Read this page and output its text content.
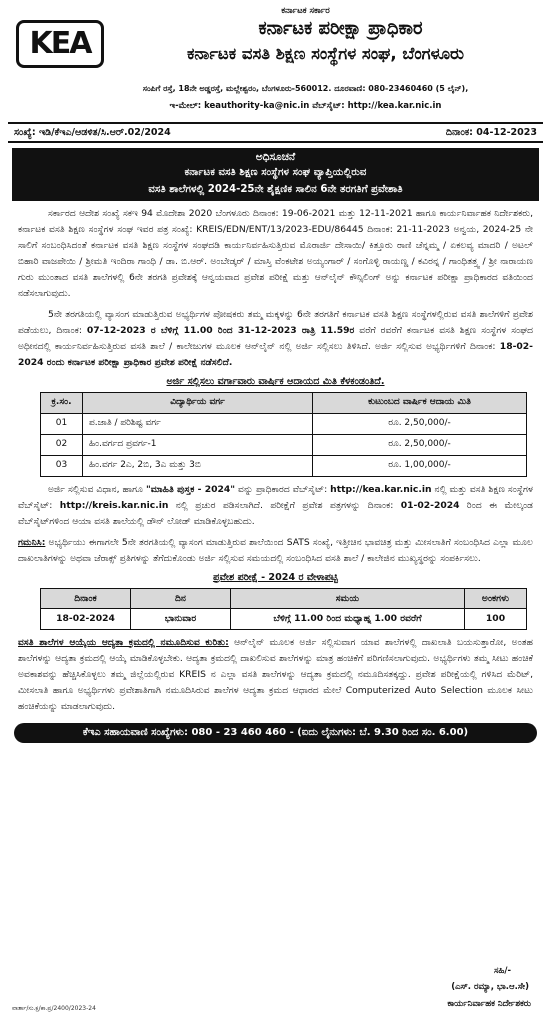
KEA
ಕರ್ನಾಟಕ ಸರ್ಕಾರ
ಕರ್ನಾಟಕ ಪರೀಕ್ಷಾ ಪ್ರಾಧಿಕಾರ
ಕರ್ನಾಟಕ ವಸತಿ ಶಿಕ್ಷಣ ಸಂಸ್ಥೆಗಳ ಸಂಘ, ಬೆಂಗಳೂರು
ಸಂಪಿಗೆ ರಸ್ತೆ, 18ನೇ ಅಡ್ಡರಸ್ತೆ, ಮಲ್ಲೇಶ್ವರಂ, ಬೆಂಗಳೂರು-560012. ದೂರವಾಣಿ: 080-23460460 (5 ಲೈನ್),
ಇ-ಮೇಲ್: keauthority-ka@nic.in ವೆಬ್‌ಸೈಟ್: http://kea.kar.nic.in
ಸಂಖ್ಯೆ: ಇಡಿ/ಕೆಇಎ/ಆಡಳಿತ/ಸಿ.ಆರ್.02/2024	ದಿನಾಂಕ: 04-12-2023
ಅಧಿಸೂಚನೆ
ಕರ್ನಾಟಕ ವಸತಿ ಶಿಕ್ಷಣ ಸಂಸ್ಥೆಗಳ ಸಂಘ ವ್ಯಾಪ್ತಿಯಲ್ಲಿರುವ
ವಸತಿ ಶಾಲೆಗಳಲ್ಲಿ 2024-25ನೇ ಶೈಕ್ಷಣಿಕ ಸಾಲಿನ 6ನೇ ತರಗತಿಗೆ ಪ್ರವೇಶಾತಿ

ಸರ್ಕಾರದ ಆದೇಶ ಸಂಖ್ಯೆ ಸಕಇ 94 ಮೊದೇಶಾ 2020 ಬೆಂಗಳೂರು ದಿನಾಂಕ: 19-06-2021 ಮತ್ತು 12-11-2021 ಹಾಗೂ ಕಾರ್ಯನಿರ್ವಾಹಕ ನಿರ್ದೇಶಕರು, ಕರ್ನಾಟಕ ವಸತಿ ಶಿಕ್ಷಣ ಸಂಸ್ಥೆಗಳ ಸಂಘ ಇವರ ಪತ್ರ ಸಂಖ್ಯೆ: KREIS/EDN/ENT/13/2023-EDU/86445 ದಿನಾಂಕ: 21-11-2023 ಅನ್ವಯ, 2024-25 ನೇ ಸಾಲಿಗೆ ಸಂಬಂಧಿಸಿದಂತೆ ಕರ್ನಾಟಕ ವಸತಿ ಶಿಕ್ಷಣ ಸಂಸ್ಥೆಗಳ ಸಂಘದಡಿ ಕಾರ್ಯನಿರ್ವಹಿಸುತ್ತಿರುವ ಮೊರಾರ್ಜಿ ದೇಸಾಯಿ/ ಕಿತ್ತೂರು ರಾಣಿ ಚೆನ್ನಮ್ಮ / ಏಕಲವ್ಯ ಮಾದರಿ / ಅಟಲ್ ಬಿಹಾರಿ ವಾಜಪೇಯಿ / ಶ್ರೀಮತಿ ಇಂದಿರಾ ಗಾಂಧಿ / ಡಾ. ಬಿ.ಆರ್. ಅಂಬೇಡ್ಕರ್ / ಮಾಸ್ತಿ ವೆಂಕಟೇಶ ಅಯ್ಯಂಗಾರ್ / ಸಂಗೊಳ್ಳಿ ರಾಯಣ್ಣ / ಕವಿರನ್ನ / ಗಾಂಧಿತತ್ತ್ವ / ಶ್ರೀ ನಾರಾಯಣ ಗುರು ಮುಂತಾದ ವಸತಿ ಶಾಲೆಗಳಲ್ಲಿ 6ನೇ ತರಗತಿ ಪ್ರವೇಶಕ್ಕೆ ಆನ್ವಯವಾದ ಪ್ರವೇಶ ಪರೀಕ್ಷೆ ಮತ್ತು ಆನ್‌ಲೈನ್ ಕೌನ್ಸಿಲಿಂಗ್ ಅನ್ನು ಕರ್ನಾಟಕ ಪರೀಕ್ಷಾ ಪ್ರಾಧಿಕಾರದ ವತಿಯಿಂದ ನಡೆಸಲಾಗುವುದು.

5ನೇ ತರಗತಿಯಲ್ಲಿ ವ್ಯಾಸಂಗ ಮಾಡುತ್ತಿರುವ ಅಭ್ಯರ್ಥಿಗಳ ಪೋಷಕರು ತಮ್ಮ ಮಕ್ಕಳನ್ನು 6ನೇ ತರಗತಿಗೆ ಕರ್ನಾಟಕ ವಸತಿ ಶಿಕ್ಷಣ ಸಂಸ್ಥೆಗಳಲ್ಲಿರುವ ವಸತಿ ಶಾಲೆಗಳಿಗೆ ಪ್ರವೇಶ ಪಡೆಯಲು, ದಿನಾಂಕ: 07-12-2023 ರ ಬೆಳಿಗ್ಗೆ 11.00 ರಿಂದ 31-12-2023 ರಾತ್ರಿ 11.59ರ ವರೆಗೆ ರವರೆಗೆ ಕರ್ನಾಟಕ ವಸತಿ ಶಿಕ್ಷಣ ಸಂಸ್ಥೆಗಳ ಸಂಘದ ಅಧೀನದಲ್ಲಿ ಕಾರ್ಯನಿರ್ವಹಿಸುತ್ತಿರುವ ವಸತಿ ಶಾಲೆ / ಕಾಲೇಜುಗಳ ಮೂಲಕ ಆನ್‌ಲೈನ್ ನಲ್ಲಿ ಅರ್ಜಿ ಸಲ್ಲಿಸಲು ತಿಳಿಸಿದೆ. ಅರ್ಜಿ ಸಲ್ಲಿಸುವ ಅಭ್ಯರ್ಥಿಗಳಿಗೆ ದಿನಾಂಕ: 18-02-2024 ರಂದು ಕರ್ನಾಟಕ ಪರೀಕ್ಷಾ ಪ್ರಾಧಿಕಾರ ಪ್ರವೇಶ ಪರೀಕ್ಷೆ ನಡೆಸಲಿದೆ.

ಅರ್ಜಿ ಸಲ್ಲಿಸಲು ವರ್ಗಾವಾರು ವಾರ್ಷಿಕ ಆದಾಯದ ಮಿತಿ ಕೆಳಕಂಡಂತಿದೆ.
ಕ್ರ.ಸಂ.	ವಿದ್ಯಾರ್ಥಿಯ ವರ್ಗ	ಕುಟುಂಬದ ವಾರ್ಷಿಕ ಆದಾಯ ಮಿತಿ
01	ಪ.ಜಾತಿ / ಪರಿಶಿಷ್ಟ ವರ್ಗ	ರೂ. 2,50,000/-
02	ಹಿಂ.ವರ್ಗದ ಪ್ರವರ್ಗ-1	ರೂ. 2,50,000/-
03	ಹಿಂ.ವರ್ಗ 2ಎ, 2ಬಿ, 3ಎ ಮತ್ತು 3ಬಿ	ರೂ. 1,00,000/-

ಅರ್ಜಿ ಸಲ್ಲಿಸುವ ವಿಧಾನ, ಹಾಗೂ "ಮಾಹಿತಿ ಪುಸ್ತಕ - 2024" ವನ್ನು ಪ್ರಾಧಿಕಾರದ ವೆಬ್‌ಸೈಟ್: http://kea.kar.nic.in ನಲ್ಲಿ ಮತ್ತು ವಸತಿ ಶಿಕ್ಷಣ ಸಂಸ್ಥೆಗಳ ವೆಬ್‌ಸೈಟ್: http://kreis.kar.nic.in ನಲ್ಲಿ ಪ್ರಚುರ ಪಡಿಸಲಾಗಿದೆ. ಪರೀಕ್ಷೆಗೆ ಪ್ರವೇಶ ಪತ್ರಗಳನ್ನು ದಿನಾಂಕ: 01-02-2024 ರಿಂದ ಈ ಮೇಲ್ಕಂಡ ವೆಬ್‌ಸೈಟ್‌ಗಳಿಂದ ಆಯಾ ವಸತಿ ಶಾಲೆಯಲ್ಲಿ ಡೌನ್ ಲೋಡ್ ಮಾಡಿಕೊಳ್ಳಬಹುದು.

ಗಮನಿಸಿ: ಅಭ್ಯರ್ಥಿಯು ಈಗಾಗಲೇ 5ನೇ ತರಗತಿಯಲ್ಲಿ ವ್ಯಾಸಂಗ ಮಾಡುತ್ತಿರುವ ಶಾಲೆಯಿಂದ SATS ಸಂಖ್ಯೆ, ಇತ್ತೀಚಿನ ಭಾವಚಿತ್ರ ಮತ್ತು ಮೀಸಲಾತಿಗೆ ಸಂಬಂಧಿಸಿದ ಎಲ್ಲಾ ಮೂಲ ದಾಖಲಾತಿಗಳನ್ನು ಅಥವಾ ಜೆರಾಕ್ಸ್ ಪ್ರತಿಗಳನ್ನು ತೆಗೆದುಕೊಂಡು ಅರ್ಜಿ ಸಲ್ಲಿಸುವ ಸಮಯದಲ್ಲಿ ಸಂಬಂಧಿಸಿದ ವಸತಿ ಶಾಲೆ / ಕಾಲೇಜಿನ ಮುಖ್ಯಸ್ಥರನ್ನು ಸಂಪರ್ಕಿಸಲು.

ಪ್ರವೇಶ ಪರೀಕ್ಷೆ - 2024 ರ ವೇಳಾಪಟ್ಟಿ
ದಿನಾಂಕ	ದಿನ	ಸಮಯ	ಅಂಕಗಳು
18-02-2024	ಭಾನುವಾರ	ಬೆಳಿಗ್ಗೆ 11.00 ರಿಂದ ಮಧ್ಯಾಹ್ನ 1.00 ರವರೆಗೆ	100

ವಸತಿ ಶಾಲೆಗಳ ಆಯ್ಕೆಯ ಆದ್ಯತಾ ಕ್ರಮದಲ್ಲಿ ನಮೂದಿಸುವ ಕುರಿತು: ಆನ್‌ಲೈನ್ ಮೂಲಕ ಅರ್ಜಿ ಸಲ್ಲಿಸುವಾಗ ಯಾವ ಶಾಲೆಗಳಲ್ಲಿ ದಾಖಲಾತಿ ಬಯಸುತ್ತಾರೋ, ಅಂತಹ ಶಾಲೆಗಳನ್ನು ಆದ್ಯತಾ ಕ್ರಮದಲ್ಲಿ ಆಯ್ಕೆ ಮಾಡಿಕೊಳ್ಳಬೇಕು. ಆದ್ಯತಾ ಕ್ರಮದಲ್ಲಿ ದಾಖಲಿಸುವ ಶಾಲೆಗಳನ್ನು ಮಾತ್ರ ಹಂಚಿಕೆಗೆ ಪರಿಗಣಿಸಲಾಗುವುದು. ಅಭ್ಯರ್ಥಿಗಳು ತಮ್ಮ ಸೀಟು ಹಂಚಿಕೆ ಅವಕಾಶವನ್ನು ಹೆಚ್ಚಿಸಿಕೊಳ್ಳಲು ತಮ್ಮ ಜಿಲ್ಲೆಯಲ್ಲಿರುವ KREIS ನ ಎಲ್ಲಾ ವಸತಿ ಶಾಲೆಗಳನ್ನು ಆದ್ಯತಾ ಕ್ರಮದಲ್ಲಿ ನಮೂದಿಸತಕ್ಕದ್ದು. ಪ್ರವೇಶ ಪರೀಕ್ಷೆಯಲ್ಲಿ ಗಳಿಸಿದ ಮೆರಿಟ್, ಮೀಸಲಾತಿ ಹಾಗೂ ಅಭ್ಯರ್ಥಿಗಳು ಪ್ರವೇಶಾತಿಗಾಗಿ ನಮೂದಿಸಿರುವ ಶಾಲೆಗಳ ಆದ್ಯತಾ ಕ್ರಮದ ಆಧಾರದ ಮೇಲೆ Computerized Auto Selection ಮೂಲಕ ಸೀಟು ಹಂಚಿಕೆಯನ್ನು ಮಾಡಲಾಗುವುದು.

ಕೆಇಎ ಸಹಾಯವಾಣಿ ಸಂಖ್ಯೆಗಳು: 080 - 23 460 460 - (ಐದು ಲೈನುಗಳು: ಬೆ. 9.30 ರಿಂದ ಸಂ. 6.00)
ಸಹಿ/-
(ಎಸ್. ರಮ್ಯಾ, ಭಾ.ಆ.ಸೇ)
ಕಾರ್ಯನಿರ್ವಾಹಕ ನಿರ್ದೇಶಕರು
ವಾರ್ತಾ/ಸು.ಕ್ಷ/ಕಾ.ಪ್ರ/2400/2023-24
